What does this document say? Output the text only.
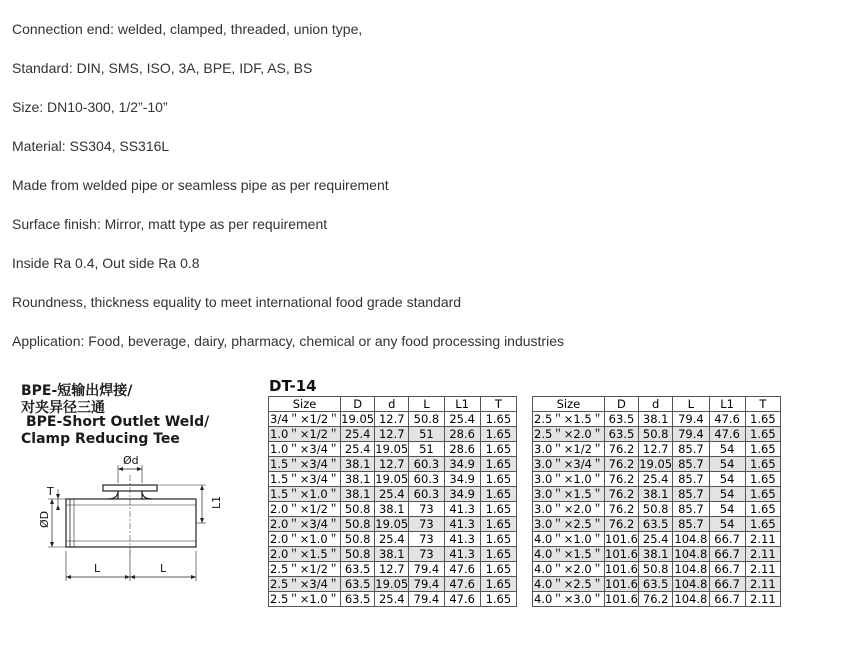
Connection end: welded, clamped, threaded, union type,
Standard: DIN, SMS, ISO, 3A, BPE, IDF, AS, BS
Size: DN10-300, 1/2”-10”
Material: SS304, SS316L
Made from welded pipe or seamless pipe as per requirement
Surface finish: Mirror, matt type as per requirement
Inside Ra 0.4, Out side Ra 0.8
Roundness, thickness equality to meet international food grade standard
Application: Food, beverage, dairy, pharmacy, chemical or any food processing industries
BPE-短输出焊接/
对夹异径三通
BPE-Short Outlet Weld/
Clamp Reducing Tee
Ød
ØD
T
L1
L	L
DT-14
Size	D	d	L	L1	T
3/4＂×1/2＂	19.05	12.7	50.8	25.4	1.65
1.0＂×1/2＂	25.4	12.7	51	28.6	1.65
1.0＂×3/4＂	25.4	19.05	51	28.6	1.65
1.5＂×3/4＂	38.1	12.7	60.3	34.9	1.65
1.5＂×3/4＂	38.1	19.05	60.3	34.9	1.65
1.5＂×1.0＂	38.1	25.4	60.3	34.9	1.65
2.0＂×1/2＂	50.8	38.1	73	41.3	1.65
2.0＂×3/4＂	50.8	19.05	73	41.3	1.65
2.0＂×1.0＂	50.8	25.4	73	41.3	1.65
2.0＂×1.5＂	50.8	38.1	73	41.3	1.65
2.5＂×1/2＂	63.5	12.7	79.4	47.6	1.65
2.5＂×3/4＂	63.5	19.05	79.4	47.6	1.65
2.5＂×1.0＂	63.5	25.4	79.4	47.6	1.65
Size	D	d	L	L1	T
2.5＂×1.5＂	63.5	38.1	79.4	47.6	1.65
2.5＂×2.0＂	63.5	50.8	79.4	47.6	1.65
3.0＂×1/2＂	76.2	12.7	85.7	54	1.65
3.0＂×3/4＂	76.2	19.05	85.7	54	1.65
3.0＂×1.0＂	76.2	25.4	85.7	54	1.65
3.0＂×1.5＂	76.2	38.1	85.7	54	1.65
3.0＂×2.0＂	76.2	50.8	85.7	54	1.65
3.0＂×2.5＂	76.2	63.5	85.7	54	1.65
4.0＂×1.0＂	101.6	25.4	104.8	66.7	2.11
4.0＂×1.5＂	101.6	38.1	104.8	66.7	2.11
4.0＂×2.0＂	101.6	50.8	104.8	66.7	2.11
4.0＂×2.5＂	101.6	63.5	104.8	66.7	2.11
4.0＂×3.0＂	101.6	76.2	104.8	66.7	2.11
